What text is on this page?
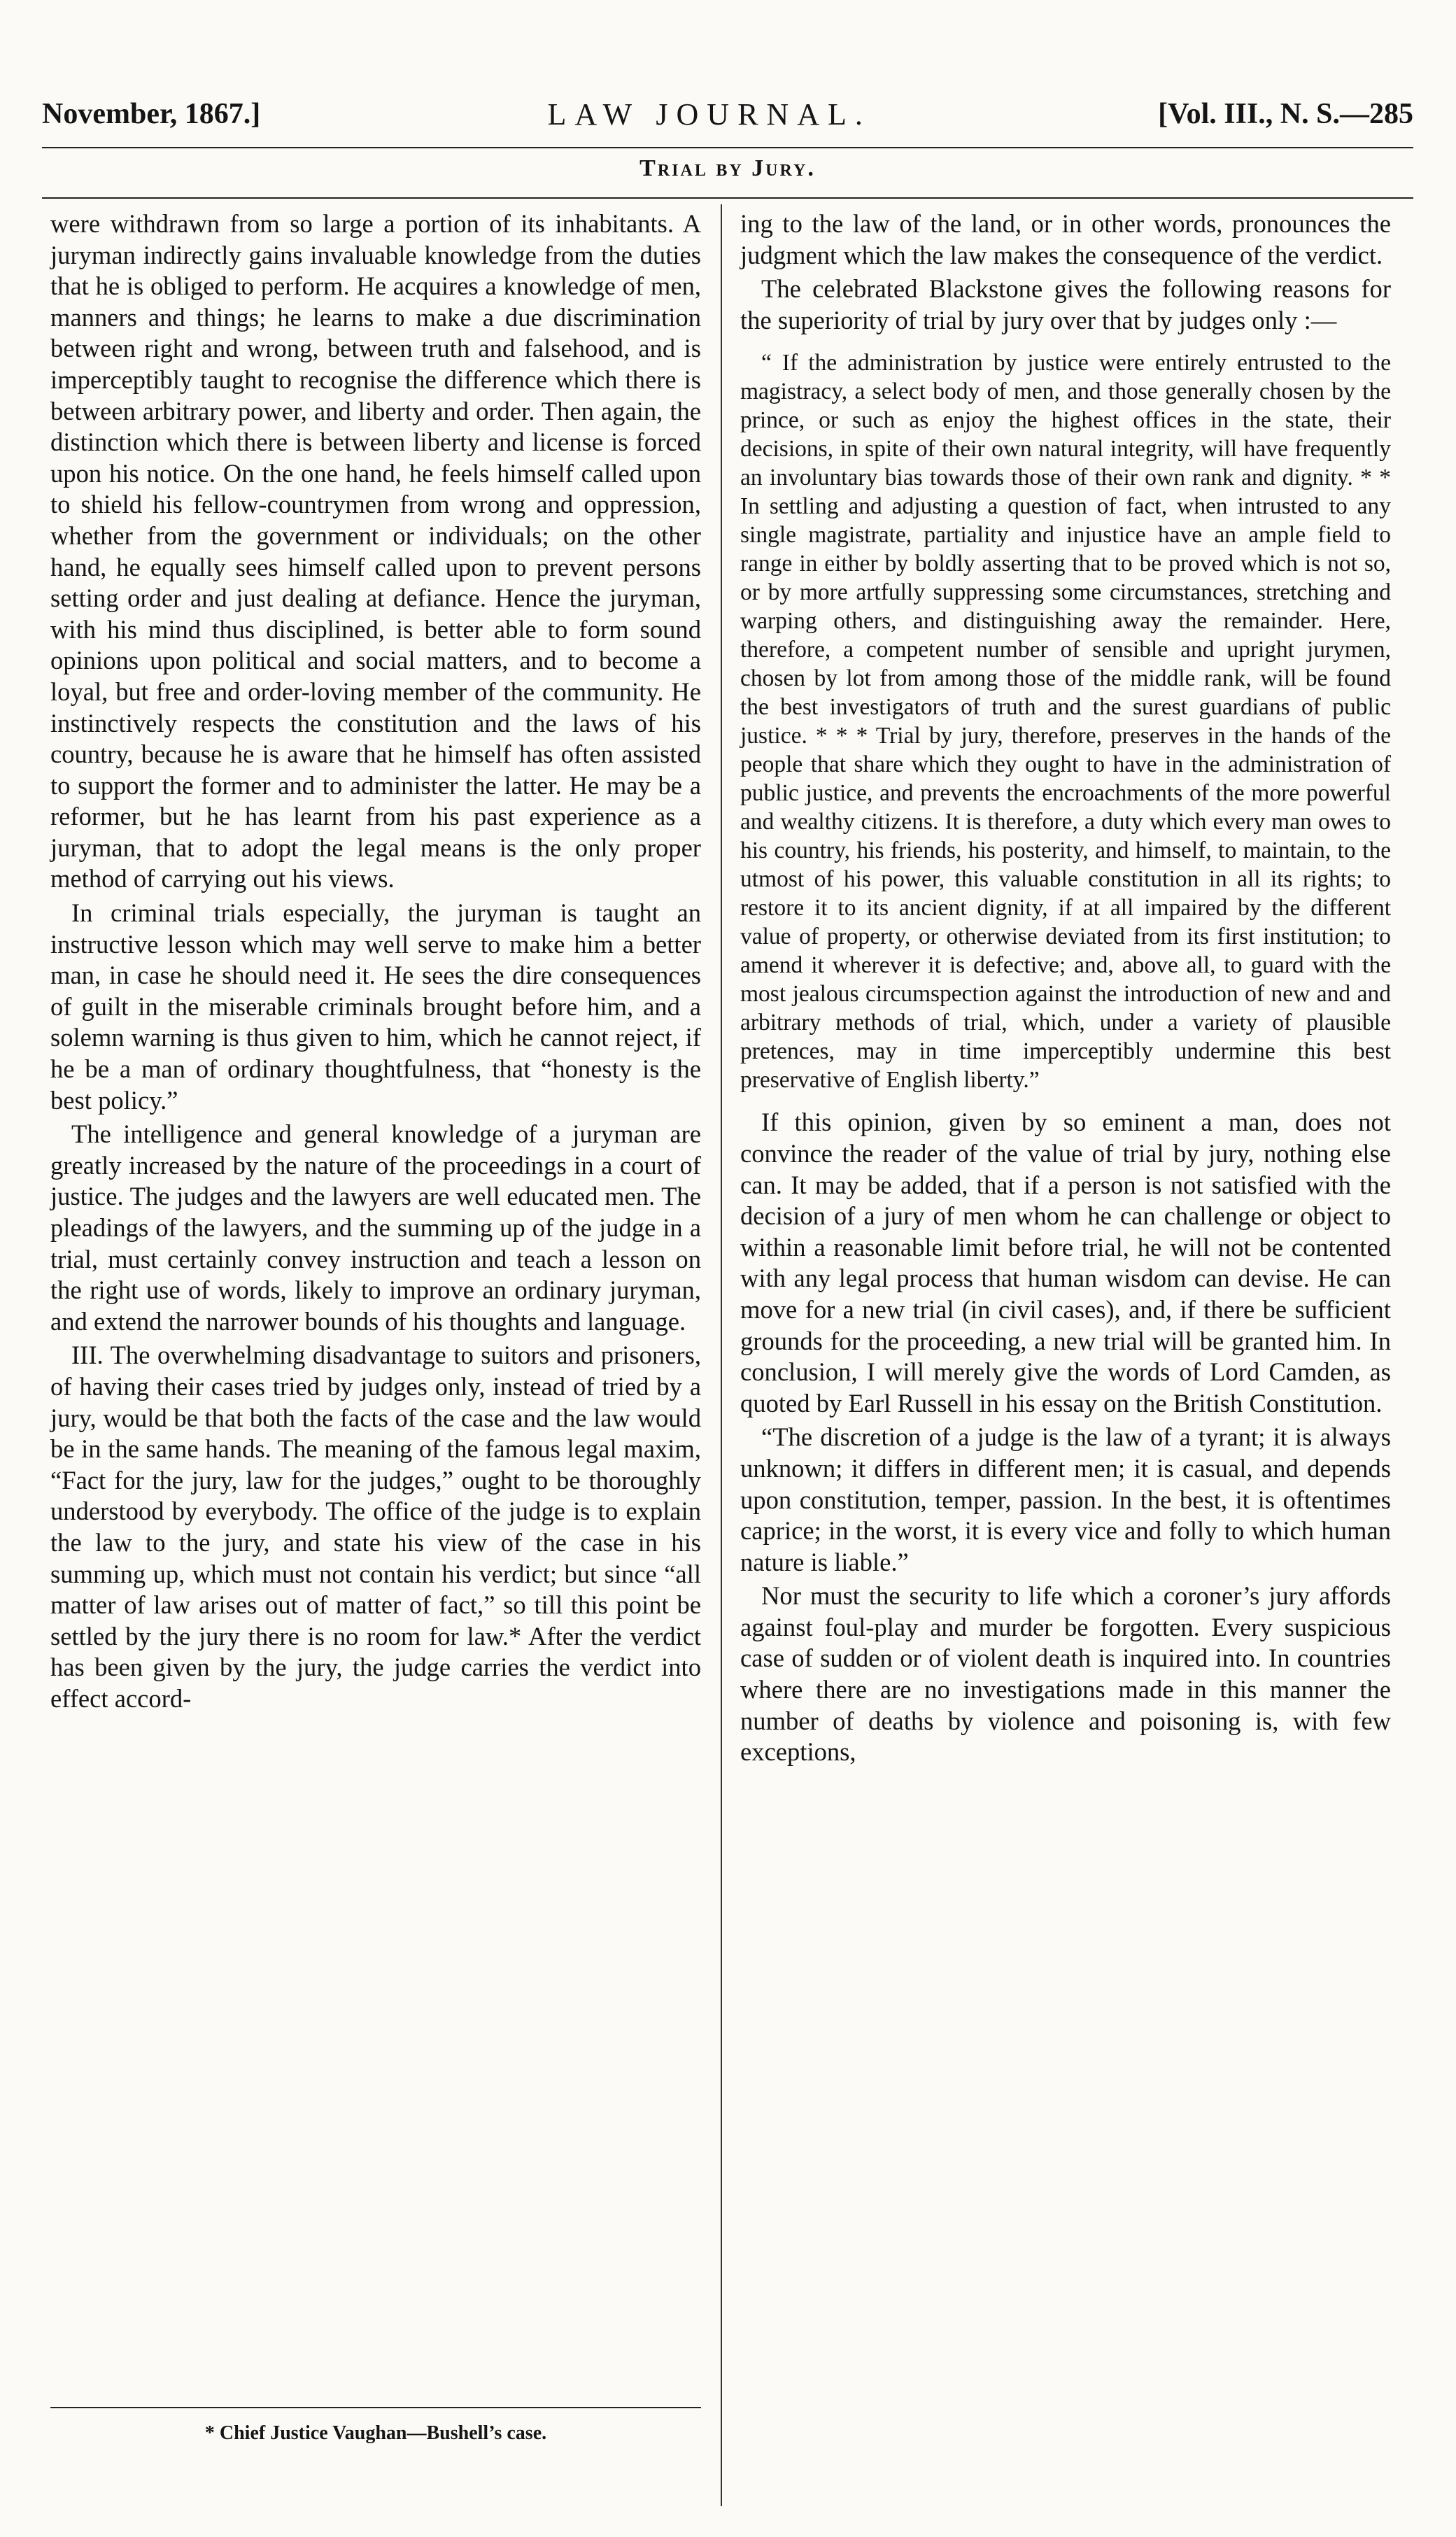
November, 1867.]	LAW JOURNAL.	[Vol. III., N. S.—285
Trial by Jury.

were withdrawn from so large a portion of its inhabitants. A juryman indirectly gains invaluable knowledge from the duties that he is obliged to perform. He acquires a knowledge of men, manners and things; he learns to make a due discrimination between right and wrong, between truth and falsehood, and is imperceptibly taught to recognise the difference which there is between arbitrary power, and liberty and order. Then again, the distinction which there is between liberty and license is forced upon his notice. On the one hand, he feels himself called upon to shield his fellow-countrymen from wrong and oppression, whether from the government or individuals; on the other hand, he equally sees himself called upon to prevent persons setting order and just dealing at defiance. Hence the juryman, with his mind thus disciplined, is better able to form sound opinions upon political and social matters, and to become a loyal, but free and order-loving member of the community. He instinctively respects the constitution and the laws of his country, because he is aware that he himself has often assisted to support the former and to administer the latter. He may be a reformer, but he has learnt from his past experience as a juryman, that to adopt the legal means is the only proper method of carrying out his views.

In criminal trials especially, the juryman is taught an instructive lesson which may well serve to make him a better man, in case he should need it. He sees the dire consequences of guilt in the miserable criminals brought before him, and a solemn warning is thus given to him, which he cannot reject, if he be a man of ordinary thoughtfulness, that “honesty is the best policy.”

The intelligence and general knowledge of a juryman are greatly increased by the nature of the proceedings in a court of justice. The judges and the lawyers are well educated men. The pleadings of the lawyers, and the summing up of the judge in a trial, must certainly convey instruction and teach a lesson on the right use of words, likely to improve an ordinary juryman, and extend the narrower bounds of his thoughts and language.

III. The overwhelming disadvantage to suitors and prisoners, of having their cases tried by judges only, instead of tried by a jury, would be that both the facts of the case and the law would be in the same hands. The meaning of the famous legal maxim, “Fact for the jury, law for the judges,” ought to be thoroughly understood by everybody. The office of the judge is to explain the law to the jury, and state his view of the case in his summing up, which must not contain his verdict; but since “all matter of law arises out of matter of fact,” so till this point be settled by the jury there is no room for law.* After the verdict has been given by the jury, the judge carries the verdict into effect accord-

ing to the law of the land, or in other words, pronounces the judgment which the law makes the consequence of the verdict.

The celebrated Blackstone gives the following reasons for the superiority of trial by jury over that by judges only :—

“ If the administration by justice were entirely entrusted to the magistracy, a select body of men, and those generally chosen by the prince, or such as enjoy the highest offices in the state, their decisions, in spite of their own natural integrity, will have frequently an involuntary bias towards those of their own rank and dignity. * * In settling and adjusting a question of fact, when intrusted to any single magistrate, partiality and injustice have an ample field to range in either by boldly asserting that to be proved which is not so, or by more artfully suppressing some circumstances, stretching and warping others, and distinguishing away the remainder. Here, therefore, a competent number of sensible and upright jurymen, chosen by lot from among those of the middle rank, will be found the best investigators of truth and the surest guardians of public justice. * * * Trial by jury, therefore, preserves in the hands of the people that share which they ought to have in the administration of public justice, and prevents the encroachments of the more powerful and wealthy citizens. It is therefore, a duty which every man owes to his country, his friends, his posterity, and himself, to maintain, to the utmost of his power, this valuable constitution in all its rights; to restore it to its ancient dignity, if at all impaired by the different value of property, or otherwise deviated from its first institution; to amend it wherever it is defective; and, above all, to guard with the most jealous circumspection against the introduction of new and and arbitrary methods of trial, which, under a variety of plausible pretences, may in time imperceptibly undermine this best preservative of English liberty.”

If this opinion, given by so eminent a man, does not convince the reader of the value of trial by jury, nothing else can. It may be added, that if a person is not satisfied with the decision of a jury of men whom he can challenge or object to within a reasonable limit before trial, he will not be contented with any legal process that human wisdom can devise. He can move for a new trial (in civil cases), and, if there be sufficient grounds for the proceeding, a new trial will be granted him. In conclusion, I will merely give the words of Lord Camden, as quoted by Earl Russell in his essay on the British Constitution.

“The discretion of a judge is the law of a tyrant; it is always unknown; it differs in different men; it is casual, and depends upon constitution, temper, passion. In the best, it is oftentimes caprice; in the worst, it is every vice and folly to which human nature is liable.”

Nor must the security to life which a coroner’s jury affords against foul-play and murder be forgotten. Every suspicious case of sudden or of violent death is inquired into. In countries where there are no investigations made in this manner the number of deaths by violence and poisoning is, with few exceptions,

* Chief Justice Vaughan—Bushell’s case.
